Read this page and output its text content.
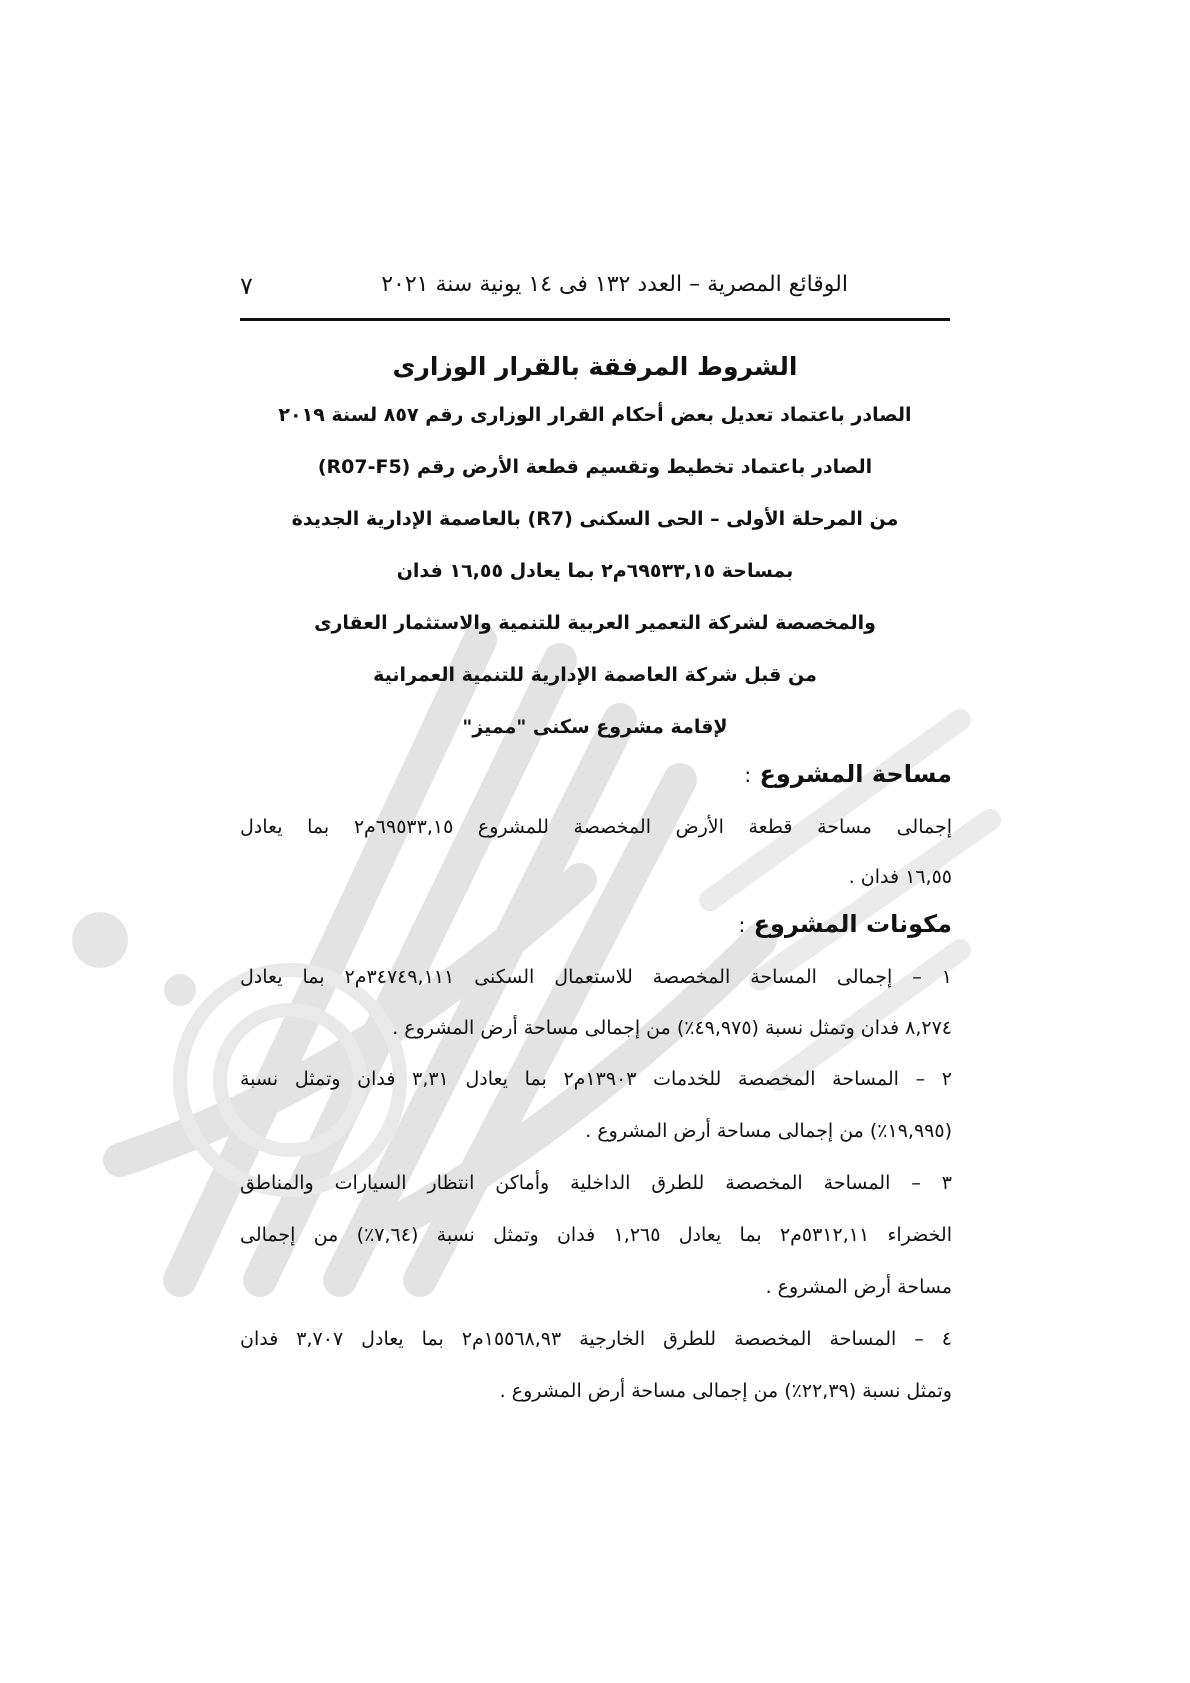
الوقائع المصرية – العدد ١٣٢ فى ١٤ يونية سنة ٢٠٢١
٧
الشروط المرفقة بالقرار الوزارى
الصادر باعتماد تعديل بعض أحكام القرار الوزارى رقم ٨٥٧ لسنة ٢٠١٩
الصادر باعتماد تخطيط وتقسيم قطعة الأرض رقم (R07-F5)
من المرحلة الأولى – الحى السكنى (R7) بالعاصمة الإدارية الجديدة
بمساحة ٦٩٥٣٣,١٥م٢ بما يعادل ١٦,٥٥ فدان
والمخصصة لشركة التعمير العربية للتنمية والاستثمار العقارى
من قبل شركة العاصمة الإدارية للتنمية العمرانية
لإقامة مشروع سكنى "مميز"
مساحة المشروع :
إجمالى مساحة قطعة الأرض المخصصة للمشروع ٦٩٥٣٣,١٥م٢ بما يعادل
١٦,٥٥ فدان .
مكونات المشروع :
١ – إجمالى المساحة المخصصة للاستعمال السكنى ٣٤٧٤٩,١١١م٢ بما يعادل
٨,٢٧٤ فدان وتمثل نسبة (٤٩,٩٧٥٪) من إجمالى مساحة أرض المشروع .
٢ – المساحة المخصصة للخدمات ١٣٩٠٣م٢ بما يعادل ٣,٣١ فدان وتمثل نسبة
(١٩,٩٩٥٪) من إجمالى مساحة أرض المشروع .
٣ – المساحة المخصصة للطرق الداخلية وأماكن انتظار السيارات والمناطق
الخضراء ٥٣١٢,١١م٢ بما يعادل ١,٢٦٥ فدان وتمثل نسبة (٧,٦٤٪) من إجمالى
مساحة أرض المشروع .
٤ – المساحة المخصصة للطرق الخارجية ١٥٥٦٨,٩٣م٢ بما يعادل ٣,٧٠٧ فدان
وتمثل نسبة (٢٢,٣٩٪) من إجمالى مساحة أرض المشروع .
